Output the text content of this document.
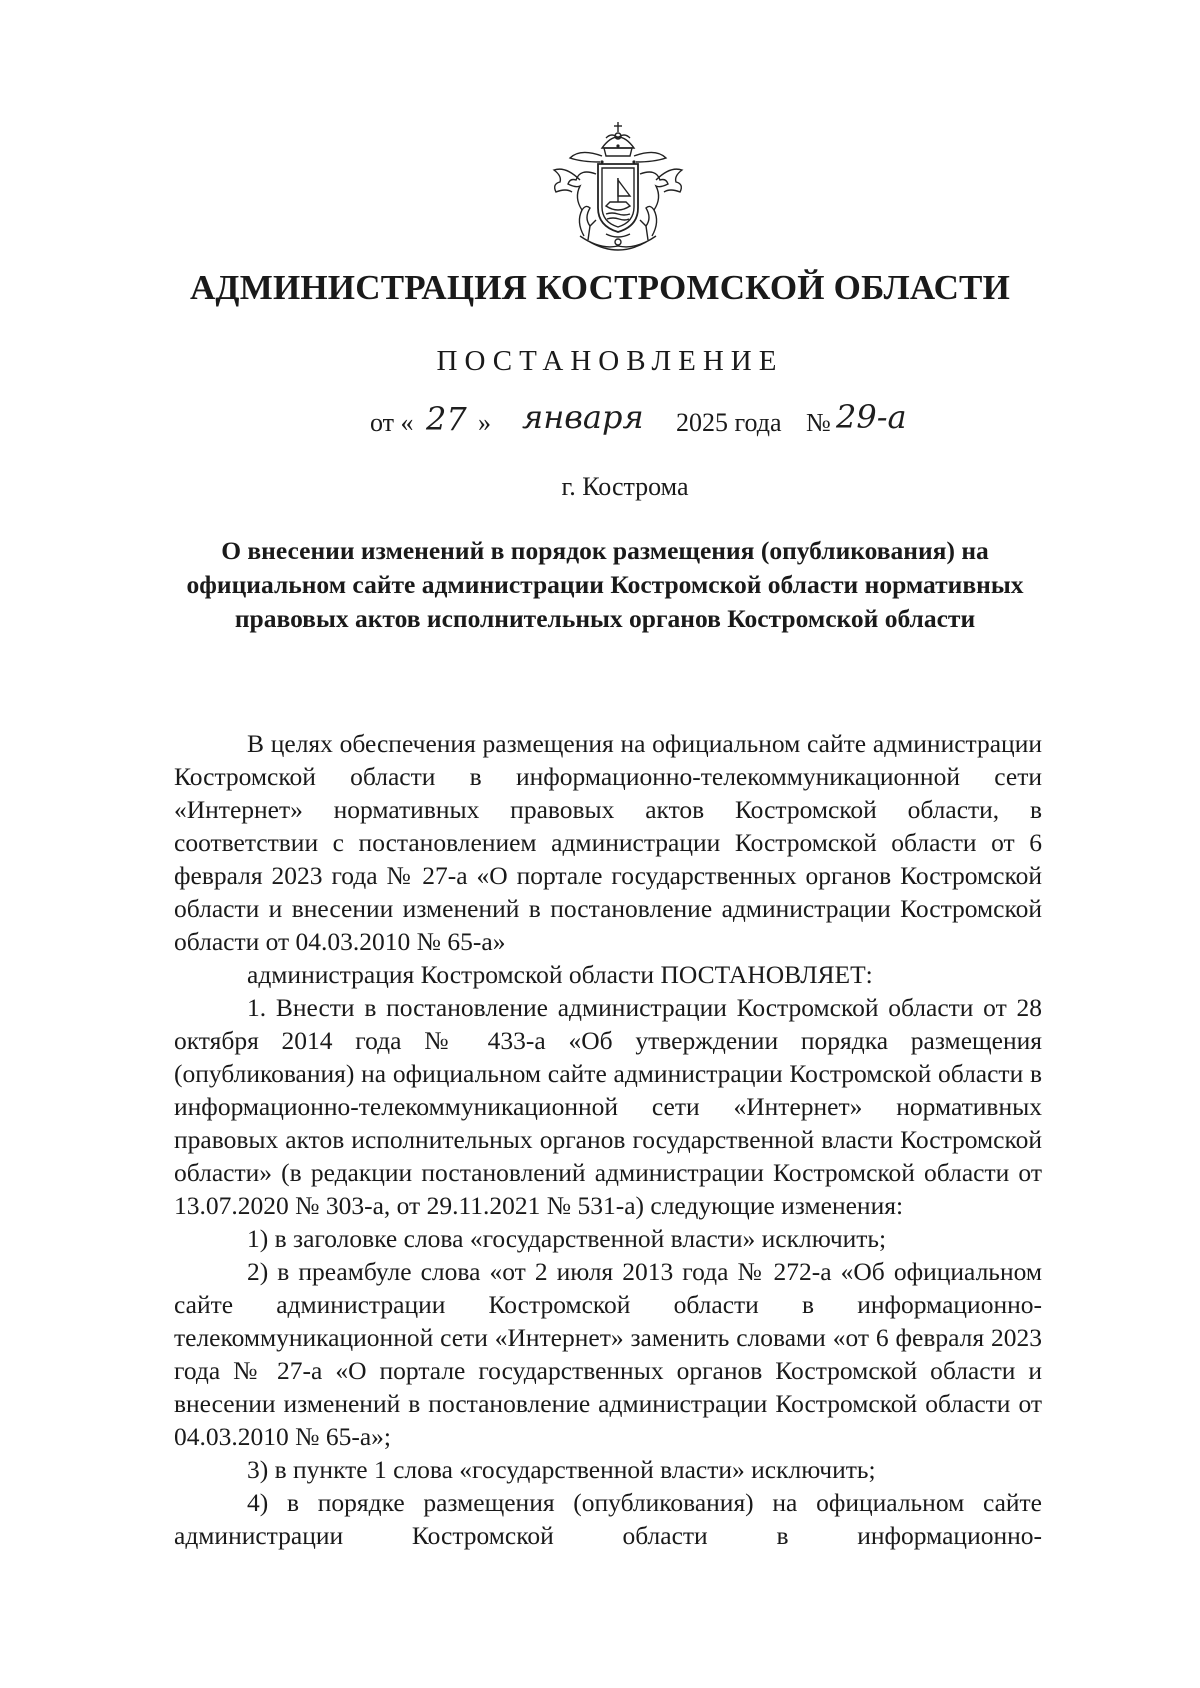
АДМИНИСТРАЦИЯ КОСТРОМСКОЙ ОБЛАСТИ
ПОСТАНОВЛЕНИЕ
от « 27 » января 2025 года № 29-а
г. Кострома
О внесении изменений в порядок размещения (опубликования) на официальном сайте администрации Костромской области нормативных правовых актов исполнительных органов Костромской области

В целях обеспечения размещения на официальном сайте администрации Костромской области в информационно-телекоммуникационной сети «Интернет» нормативных правовых актов Костромской области, в соответствии с постановлением администрации Костромской области от 6 февраля 2023 года № 27-а «О портале государственных органов Костромской области и внесении изменений в постановление администрации Костромской области от 04.03.2010 № 65-а»

администрация Костромской области ПОСТАНОВЛЯЕТ:

1. Внести в постановление администрации Костромской области от 28 октября 2014 года № 433-а «Об утверждении порядка размещения (опубликования) на официальном сайте администрации Костромской области в информационно-телекоммуникационной сети «Интернет» нормативных правовых актов исполнительных органов государственной власти Костромской области» (в редакции постановлений администрации Костромской области от 13.07.2020 № 303-а, от 29.11.2021 № 531-а) следующие изменения:

1) в заголовке слова «государственной власти» исключить;

2) в преамбуле слова «от 2 июля 2013 года № 272-а «Об официальном сайте администрации Костромской области в информационно-телекоммуникационной сети «Интернет» заменить словами «от 6 февраля 2023 года № 27-а «О портале государственных органов Костромской области и внесении изменений в постановление администрации Костромской области от 04.03.2010 № 65-а»;

3) в пункте 1 слова «государственной власти» исключить;

4) в порядке размещения (опубликования) на официальном сайте администрации Костромской области в информационно-
